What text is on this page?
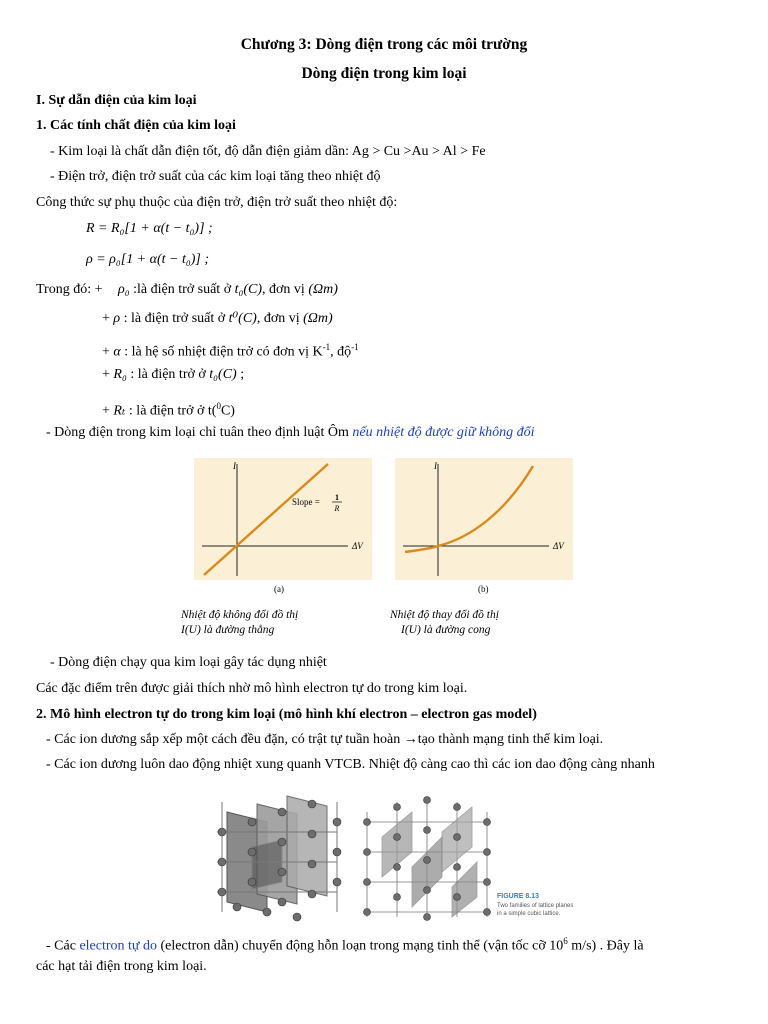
Chương 3: Dòng điện trong các môi trường
Dòng điện trong kim loại
I. Sự dẫn điện của kim loại
1. Các tính chất điện của kim loại
- Kim loại là chất dẫn điện tốt, độ dẫn điện giảm dần: Ag > Cu >Au > Al > Fe
- Điện trở, điện trở suất của các kim loại tăng theo nhiệt độ
Công thức sự phụ thuộc của điện trở, điện trở suất theo nhiệt độ:
R = R₀[1 + α(t − t₀)] ;
ρ = ρ₀[1 + α(t − t₀)] ;
Trong đó: + ρ₀ :là điện trở suất ở t₀(C), đơn vị (Ωm)
+ ρ : là điện trở suất ở t⁰(C), đơn vị (Ωm)
+ α : là hệ số nhiệt điện trở có đơn vị $K^{-1}$, độ$^{-1}$
+ R₀ : là điện trở ở t₀(C) ;
+ Rₜ : là điện trở ở t($^0$C)
- Dòng điện trong kim loại chỉ tuân theo định luật Ôm nếu nhiệt độ được giữ không đổi
I
ΔV
Slope = 1
R
(a)
I
ΔV
(b)
Nhiệt độ không đổi đồ thị
I(U) là đường thẳng
Nhiệt độ thay đổi đồ thị
I(U) là đường cong
- Dòng điện chạy qua kim loại gây tác dụng nhiệt
Các đặc điểm trên được giải thích nhờ mô hình electron tự do trong kim loại.
2. Mô hình electron tự do trong kim loại (mô hình khí electron – electron gas model)
- Các ion dương sắp xếp một cách đều đặn, có trật tự tuần hoàn →tạo thành mạng tinh thể kim loại.
- Các ion dương luôn dao động nhiệt xung quanh VTCB. Nhiệt độ càng cao thì các ion dao động càng nhanh
FIGURE 8.13
Two families of lattice planes
in a simple cubic lattice.
- Các electron tự do (electron dẫn) chuyển động hỗn loạn trong mạng tinh thể (vận tốc cỡ $10^6$ m/s) . Đây là
các hạt tải điện trong kim loại.
